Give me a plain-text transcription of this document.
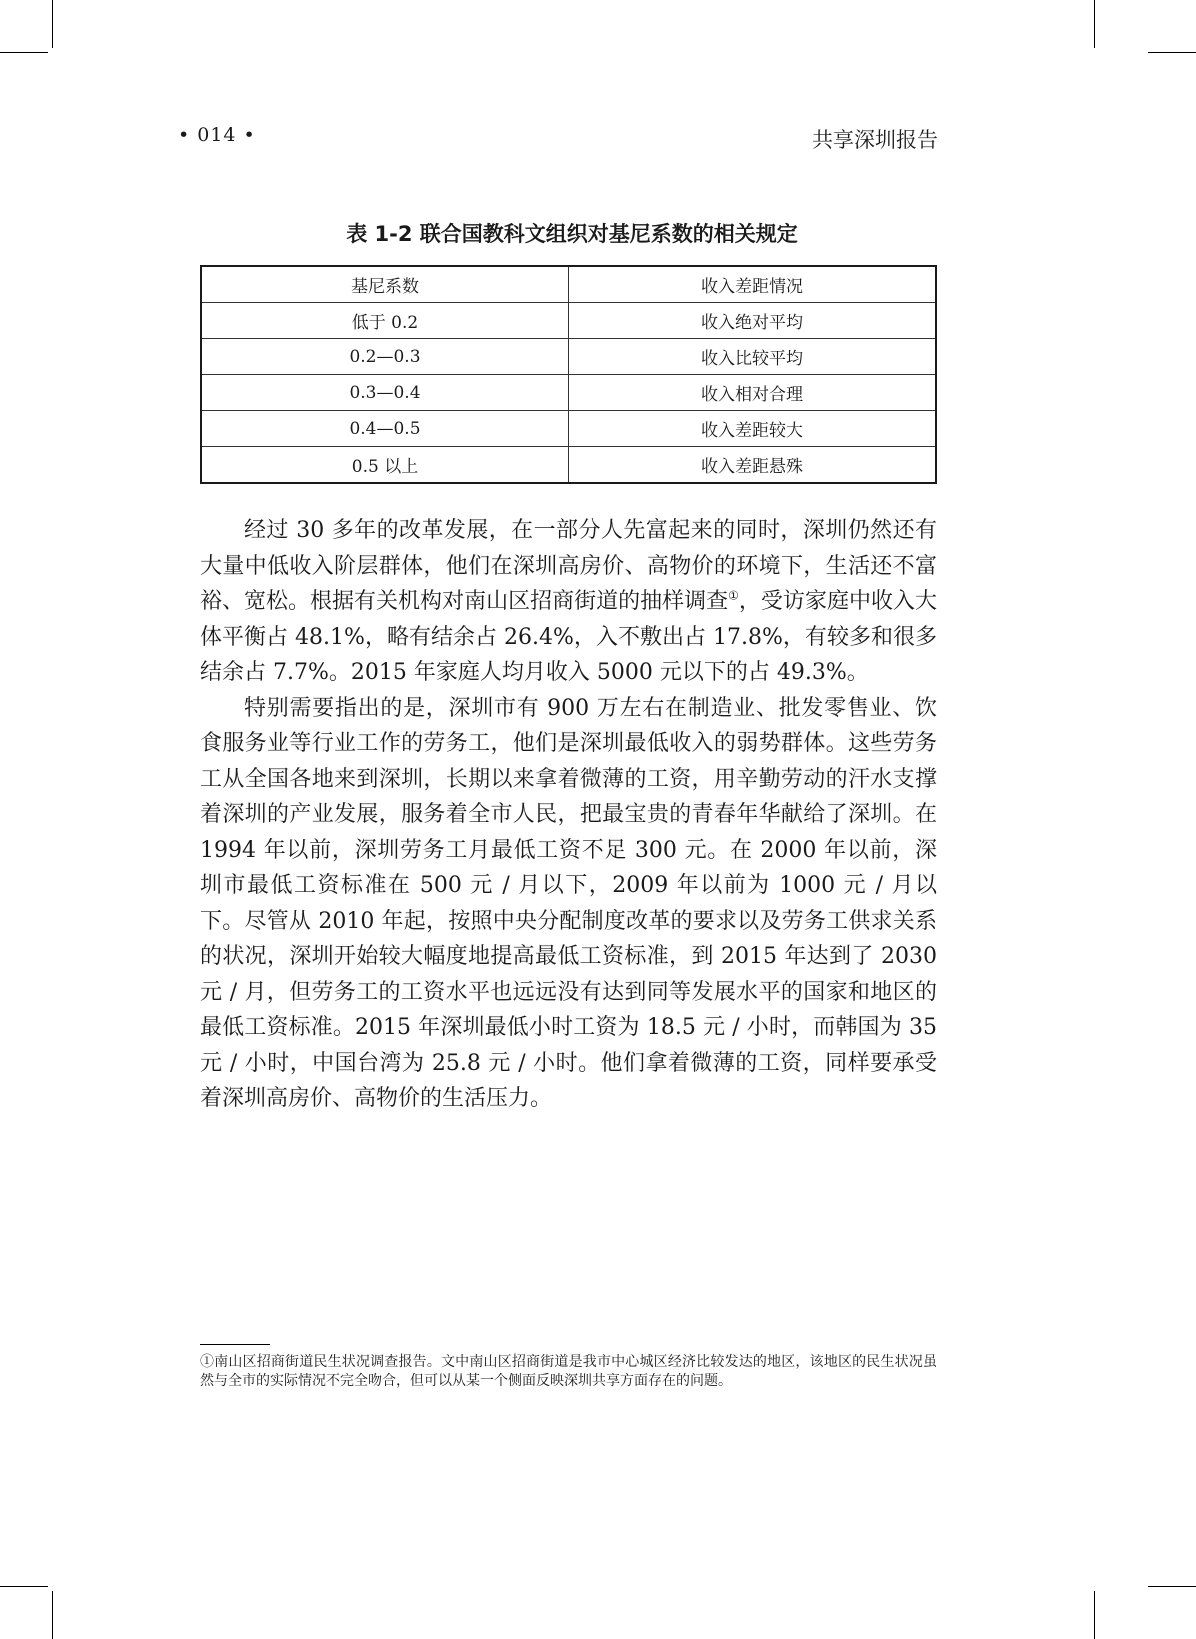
• 014 •	共享深圳报告
表 1-2 联合国教科文组织对基尼系数的相关规定
基尼系数	收入差距情况
低于 0.2	收入绝对平均
0.2—0.3	收入比较平均
0.3—0.4	收入相对合理
0.4—0.5	收入差距较大
0.5 以上	收入差距悬殊

经过 30 多年的改革发展，在一部分人先富起来的同时，深圳仍然还有大量中低收入阶层群体，他们在深圳高房价、高物价的环境下，生活还不富裕、宽松。根据有关机构对南山区招商街道的抽样调查①，受访家庭中收入大体平衡占 48.1%，略有结余占 26.4%，入不敷出占 17.8%，有较多和很多结余占 7.7%。2015 年家庭人均月收入 5000 元以下的占 49.3%。

特别需要指出的是，深圳市有 900 万左右在制造业、批发零售业、饮食服务业等行业工作的劳务工，他们是深圳最低收入的弱势群体。这些劳务工从全国各地来到深圳，长期以来拿着微薄的工资，用辛勤劳动的汗水支撑着深圳的产业发展，服务着全市人民，把最宝贵的青春年华献给了深圳。在 1994 年以前，深圳劳务工月最低工资不足 300 元。在 2000 年以前，深圳市最低工资标准在 500 元 / 月以下，2009 年以前为 1000 元 / 月以下。尽管从 2010 年起，按照中央分配制度改革的要求以及劳务工供求关系的状况，深圳开始较大幅度地提高最低工资标准，到 2015 年达到了 2030 元 / 月，但劳务工的工资水平也远远没有达到同等发展水平的国家和地区的最低工资标准。2015 年深圳最低小时工资为 18.5 元 / 小时，而韩国为 35 元 / 小时，中国台湾为 25.8 元 / 小时。他们拿着微薄的工资，同样要承受着深圳高房价、高物价的生活压力。

①南山区招商街道民生状况调查报告。文中南山区招商街道是我市中心城区经济比较发达的地区，该地区的民生状况虽然与全市的实际情况不完全吻合，但可以从某一个侧面反映深圳共享方面存在的问题。
